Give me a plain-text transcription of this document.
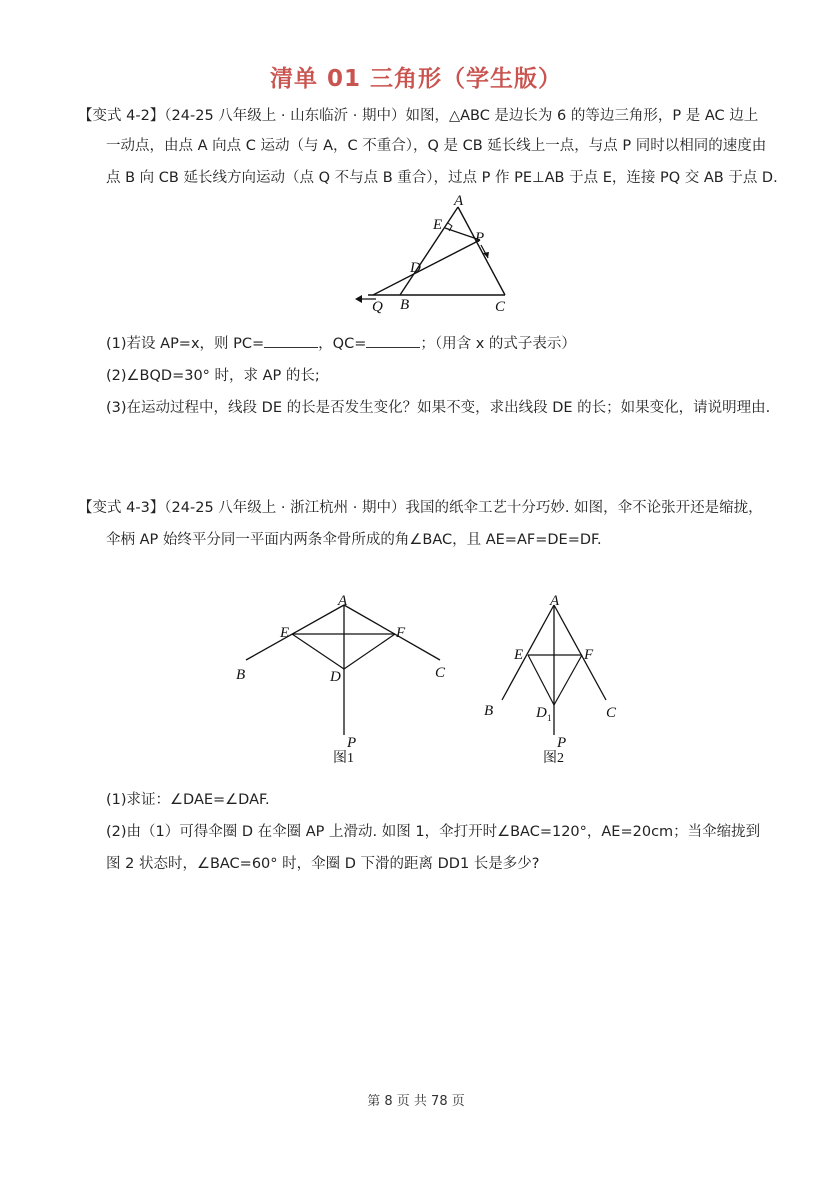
清单 01 三角形（学生版）
【变式 4-2】（24-25 八年级上 · 山东临沂 · 期中）如图，△ABC 是边长为 6 的等边三角形，P 是 AC 边上
一动点，由点 A 向点 C 运动（与 A，C 不重合），Q 是 CB 延长线上一点，与点 P 同时以相同的速度由
点 B 向 CB 延长线方向运动（点 Q 不与点 B 重合），过点 P 作 PE⊥AB 于点 E，连接 PQ 交 AB 于点 D.
A
E
P
D
Q B	C
(1)若设 AP=x，则 PC=	，QC=	；（用含 x 的式子表示）
(2)∠BQD=30° 时，求 AP 的长;
(3)在运动过程中，线段 DE 的长是否发生变化？如果不变，求出线段 DE 的长；如果变化，请说明理由.
【变式 4-3】（24-25 八年级上 · 浙江杭州 · 期中）我国的纸伞工艺十分巧妙. 如图，伞不论张开还是缩拢，
伞柄 AP 始终平分同一平面内两条伞骨所成的角∠BAC，且 AE=AF=DE=DF.
A
E	F
B	C
D
P
图1
A
E	F
B	C
D 1
P
图2
(1)求证：∠DAE=∠DAF.
(2)由（1）可得伞圈 D 在伞圈 AP 上滑动. 如图 1，伞打开时∠BAC=120°，AE=20cm；当伞缩拢到
图 2 状态时，∠BAC=60° 时，伞圈 D 下滑的距离 DD1 长是多少?
第 8 页 共 78 页
